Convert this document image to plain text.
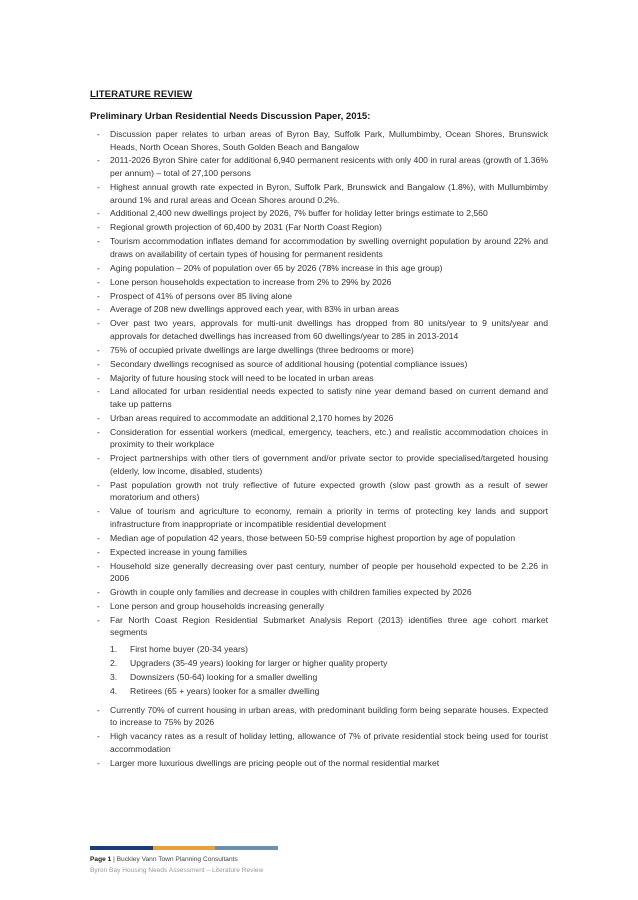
LITERATURE REVIEW
Preliminary Urban Residential Needs Discussion Paper, 2015:
- Discussion paper relates to urban areas of Byron Bay, Suffolk Park, Mullumbimby, Ocean Shores, Brunswick Heads, North Ocean Shores, South Golden Beach and Bangalow
- 2011-2026 Byron Shire cater for additional 6,940 permanent resicents with only 400 in rural areas (growth of 1.36% per annum) – total of 27,100 persons
- Highest annual growth rate expected in Byron, Suffolk Park, Brunswick and Bangalow (1.8%), with Mullumbimby around 1% and rural areas and Ocean Shores around 0.2%.
- Additional 2,400 new dwellings project by 2026, 7% buffer for holiday letter brings estimate to 2,560
- Regional growth projection of 60,400 by 2031 (Far North Coast Region)
- Tourism accommodation inflates demand for accommodation by swelling overnight population by around 22% and draws on availability of certain types of housing for permanent residents
- Aging population – 20% of population over 65 by 2026 (78% increase in this age group)
- Lone person households expectation to increase from 2% to 29% by 2026
- Prospect of 41% of persons over 85 living alone
- Average of 208 new dwellings approved each year, with 83% in urban areas
- Over past two years, approvals for multi-unit dwellings has dropped from 80 units/year to 9 units/year and approvals for detached dwellings has increased from 60 dwellings/year to 285 in 2013-2014
- 75% of occupied private dwellings are large dwellings (three bedrooms or more)
- Secondary dwellings recognised as source of additional housing (potential compliance issues)
- Majority of future housing stock will need to be located in urban areas
- Land allocated for urban residential needs expected to satisfy nine year demand based on current demand and take up patterns
- Urban areas required to accommodate an additional 2,170 homes by 2026
- Consideration for essential workers (medical, emergency, teachers, etc.) and realistic accommodation choices in proximity to their workplace
- Project partnerships with other tiers of government and/or private sector to provide specialised/targeted housing (elderly, low income, disabled, students)
- Past population growth not truly reflective of future expected growth (slow past growth as a result of sewer moratorium and others)
- Value of tourism and agriculture to economy, remain a priority in terms of protecting key lands and support infrastructure from inappropriate or incompatible residential development
- Median age of population 42 years, those between 50-59 comprise highest proportion by age of population
- Expected increase in young families
- Household size generally decreasing over past century, number of people per household expected to be 2.26 in 2006
- Growth in couple only families and decrease in couples with children families expected by 2026
- Lone person and group households increasing generally
- Far North Coast Region Residential Submarket Analysis Report (2013) identifies three age cohort market segments
1. First home buyer (20-34 years)
2. Upgraders (35-49 years) looking for larger or higher quality property
3. Downsizers (50-64) looking for a smaller dwelling
4. Retirees (65 + years) looker for a smaller dwelling
- Currently 70% of current housing in urban areas, with predominant building form being separate houses. Expected to increase to 75% by 2026
- High vacancy rates as a result of holiday letting, allowance of 7% of private residential stock being used for tourist accommodation
- Larger more luxurious dwellings are pricing people out of the normal residential market
Page 1 | Buckley Vann Town Planning Consultants
Byron Bay Housing Needs Assessment – Literature Review
